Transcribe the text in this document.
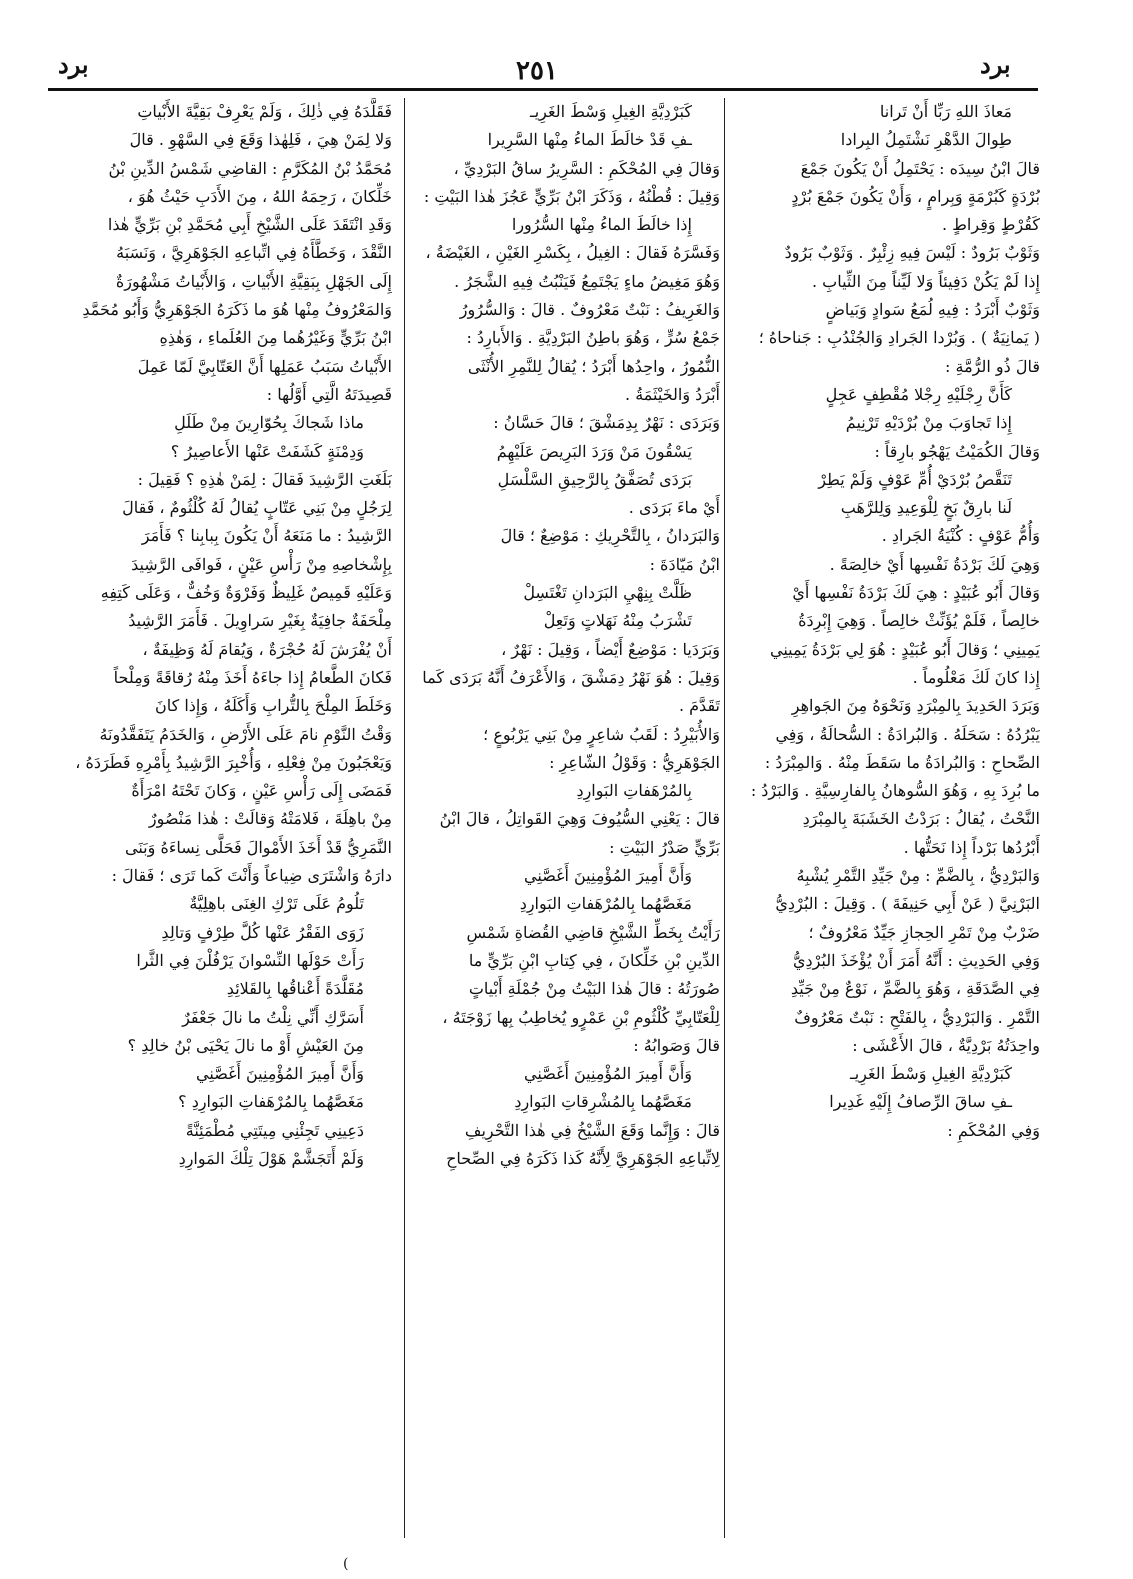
برد
٢٥١
برد

مَعاذَ اللهِ رَبِّا أَنْ تَرانا

طِوالَ الدَّهْرِ نَشْتَمِلُ البِرادا

قالَ ابْنُ سِيدَه : يَحْتَمِلُ أَنْ يَكُونَ جَمْعَ

بُرْدَةٍ كَبُرْمَةٍ وَبِرامٍ ، وَأَنْ يَكُونَ جَمْعَ بُرْدٍ

كَقُرْطٍ وَقِراطٍ .

وَثَوْبٌ بَرُودٌ : لَيْسَ فِيهِ زِئْبِرٌ . وَثَوْبٌ بَرُودٌ

إِذا لَمْ يَكُنْ دَفِيئاً وَلا لَيِّناً مِنَ الثِّيابِ .

وَثَوْبٌ أَبْرَدُ : فِيهِ لُمَعُ سَوادٍ وَبَياضٍ

( يَمانِيَةٌ ) . وَبُرْدا الجَرادِ وَالجُنْدُبِ : جَناحاهُ ؛

قالَ ذُو الرُّمَّةِ :

كَأَنَّ رِجْلَيْهِ رِجْلا مُقْطِفٍ عَجِلٍ

إِذا تَجاوَبَ مِنْ بُرْدَيْهِ تَرْنِيمُ

وَقالَ الكُمَيْتُ يَهْجُو بارِقاً :

تَنَقَّصُ بُرْدَيْ أُمِّ عَوْفٍ وَلَمْ يَطِرْ

لَنا بارِقٌ بَخٍ لِلْوَعِيدِ وَلِلرَّهَبِ

وَأُمُّ عَوْفٍ : كُنْيَةُ الجَرادِ .

وَهِيَ لَكَ بَرْدَةُ نَفْسِها أَيْ خالِصَةً .

وَقالَ أَبُو عُبَيْدٍ : هِيَ لَكَ بَرْدَةُ نَفْسِها أَيْ

خالِصاً ، فَلَمْ يُؤَنِّثْ خالِصاً . وَهِيَ إِبْرِدَةُ

يَمِينِي ؛ وَقالَ أَبُو عُبَيْدٍ : هُوَ لِي بَرْدَةُ يَمِينِي

إِذا كانَ لَكَ مَعْلُوماً .

وَبَرَدَ الحَدِيدَ بِالمِبْرَدِ وَنَحْوَهُ مِنَ الجَواهِرِ

يَبْرُدُهُ : سَحَلَهُ . وَالبُرادَةُ : السُّحالَةُ ، وَفِي

الصِّحاحِ : وَالبُرادَةُ ما سَقَطَ مِنْهُ . وَالمِبْرَدُ :

ما بُرِدَ بِهِ ، وَهُوَ السُّوهانُ بِالفارِسِيَّةِ . وَالبَرْدُ :

النَّحْتُ ، يُقالُ : بَرَدْتُ الخَشَبَةَ بِالمِبْرَدِ

أَبْرُدُها بَرْداً إِذا نَحَتُّها .

وَالبَرْدِيُّ ، بِالضَّمِّ : مِنْ جَيِّدِ التَّمْرِ يُشْبِهُ

البَرْنِيَّ ( عَنْ أَبِي حَنِيفَةَ ) . وَقِيلَ : البُرْدِيُّ

ضَرْبٌ مِنْ تَمْرِ الحِجازِ جَيِّدٌ مَعْرُوفٌ ؛

وَفِي الحَدِيثِ : أَنَّهُ أَمَرَ أَنْ يُؤْخَذَ البُرْدِيُّ

فِي الصَّدَقَةِ ، وَهُوَ بِالضَّمِّ ، نَوْعٌ مِنْ جَيِّدِ

التَّمْرِ . وَالبَرْدِيُّ ، بِالفَتْحِ : نَبْتٌ مَعْرُوفٌ

واحِدَتُهُ بَرْدِيَّةٌ ، قالَ الأَعْشَى :

كَبَرْدِيَّةِ الغِيلِ وَسْطَ الغَرِيـ

ـفِ ساقَ الرِّصافُ إِلَيْهِ غَدِيرا

وَفِي المُحْكَمِ :

كَبَرْدِيَّةِ الغِيلِ وَسْطَ الغَرِيـ

ـفِ قَدْ خالَطَ الماءُ مِنْها السَّرِيرا

وَقالَ فِي المُحْكَمِ : السَّرِيرُ ساقُ البَرْدِيِّ ،

وَقِيلَ : قُطْنُهُ ، وَذَكَرَ ابْنُ بَرِّيٍّ عَجُزَ هٰذا البَيْتِ :

إِذا خالَطَ الماءُ مِنْها السُّرُورا

وَفَسَّرَهُ فَقالَ : الغِيلُ ، بِكَسْرِ الغَيْنِ ، الغَيْضَةُ ،

وَهُوَ مَغِيضُ ماءٍ يَجْتَمِعُ فَيَنْبُتُ فِيهِ الشَّجَرُ .

وَالغَرِيفُ : نَبْتٌ مَعْرُوفٌ . قالَ : وَالسُّرُورُ

جَمْعُ سُرٍّ ، وَهُوَ باطِنُ البَرْدِيَّةِ . وَالأَبارِدُ :

النُّمُورُ ، واحِدُها أَبْرَدُ ؛ يُقالُ لِلنَّمِرِ الأُنْثَى

أَبْرَدُ وَالخَيْثَمَةُ .

وَبَرَدَى : نَهْرٌ بِدِمَشْقَ ؛ قالَ حَسَّانُ :

يَسْقُونَ مَنْ وَرَدَ البَرِيصَ عَلَيْهِمُ

بَرَدَى تُصَفَّقُ بِالرَّحِيقِ السَّلْسَلِ

أَيْ ماءَ بَرَدَى .

وَالبَرَدانُ ، بِالتَّحْرِيكِ : مَوْضِعٌ ؛ قالَ

ابْنُ مَيّادَةَ :

ظَلَّتْ بِنِهْيِ البَرَدانِ تَغْتَسِلْ

تَشْرَبُ مِنْهُ نَهَلاتٍ وَتَعِلْ

وَبَرَدَيا : مَوْضِعٌ أَيْضاً ، وَقِيلَ : نَهْرٌ ،

وَقِيلَ : هُوَ نَهْرُ دِمَشْقَ ، وَالأَعْرَفُ أَنَّهُ بَرَدَى كَما

تَقَدَّمَ .

وَالأُبَيْرِدُ : لَقَبُ شاعِرٍ مِنْ بَنِي يَرْبُوعٍ ؛

الجَوْهَرِيُّ : وَقَوْلُ الشّاعِرِ :

بِالمُرْهَفاتِ البَوارِدِ

قالَ : يَعْنِي السُّيُوفَ وَهِيَ القَواتِلُ ، قالَ ابْنُ

بَرِّيٍّ صَدْرُ البَيْتِ :

وَأَنَّ أَمِيرَ المُؤْمِنِينَ أَغَصَّنِي

مَغَصَّهُما بِالمُرْهَفاتِ البَوارِدِ

رَأَيْتُ بِخَطِّ الشَّيْخِ قاضِي القُضاةِ شَمْسِ

الدِّينِ بْنِ خَلِّكانَ ، فِي كِتابِ ابْنِ بَرِّيٍّ ما

صُورَتُهُ : قالَ هٰذا البَيْتُ مِنْ جُمْلَةِ أَبْياتٍ

لِلْعَتّابِيِّ كُلْثُومِ بْنِ عَمْرٍو يُخاطِبُ بِها زَوْجَتَهُ ،

قالَ وَصَوابُهُ :

وَأَنَّ أَمِيرَ المُؤْمِنِينَ أَغَصَّنِي

مَغَصَّهُما بِالمُشْرِقاتِ البَوارِدِ

قالَ : وَإِنَّما وَقَعَ الشَّيْخُ فِي هٰذا التَّحْرِيفِ

لِاتِّباعِهِ الجَوْهَرِيَّ لِأَنَّهُ كَذا ذَكَرَهُ فِي الصِّحاحِ

فَقَلَّدَهُ فِي ذٰلِكَ ، وَلَمْ يَعْرِفْ بَقِيَّةَ الأَبْياتِ

وَلا لِمَنْ هِيَ ، فَلِهٰذا وَقَعَ فِي السَّهْوِ . قالَ

مُحَمَّدُ بْنُ المُكَرَّمِ : القاضِي شَمْسُ الدِّينِ بْنُ

خَلِّكانَ ، رَحِمَهُ اللهُ ، مِنَ الأَدَبِ حَيْثُ هُوَ ،

وَقَدِ انْتَقَدَ عَلَى الشَّيْخِ أَبِي مُحَمَّدِ بْنِ بَرِّيٍّ هٰذا

النَّقْدَ ، وَخَطَّأَهُ فِي اتِّباعِهِ الجَوْهَرِيَّ ، وَنَسَبَهُ

إِلَى الجَهْلِ بِبَقِيَّةِ الأَبْياتِ ، وَالأَبْياتُ مَشْهُورَةٌ

وَالمَعْرُوفُ مِنْها هُوَ ما ذَكَرَهُ الجَوْهَرِيُّ وَأَبُو مُحَمَّدِ

ابْنُ بَرِّيٍّ وَغَيْرُهُما مِنَ العُلَماءِ ، وَهٰذِهِ

الأَبْياتُ سَبَبُ عَمَلِها أَنَّ العَتّابِيَّ لَمّا عَمِلَ

قَصِيدَتَهُ الَّتِي أَوَّلُها :

ماذا شَجاكَ بِحُوّارِينَ مِنْ طَلَلِ

وَدِمْنَةٍ كَشَفَتْ عَنْها الأَعاصِيرُ ؟

بَلَغَتِ الرَّشِيدَ فَقالَ : لِمَنْ هٰذِهِ ؟ فَقِيلَ :

لِرَجُلٍ مِنْ بَنِي عَتّابٍ يُقالُ لَهُ كُلْثُومٌ ، فَقالَ

الرَّشِيدُ : ما مَنَعَهُ أَنْ يَكُونَ بِبابِنا ؟ فَأَمَرَ

بِإِشْخاصِهِ مِنْ رَأْسِ عَيْنٍ ، فَوافَى الرَّشِيدَ

وَعَلَيْهِ قَمِيصٌ غَلِيظٌ وَفَرْوَةٌ وَخُفٌّ ، وَعَلَى كَتِفِهِ

مِلْحَفَةٌ جافِيَةٌ بِغَيْرِ سَراوِيلَ . فَأَمَرَ الرَّشِيدُ

أَنْ يُفْرَشَ لَهُ حُجْرَةٌ ، وَيُقامَ لَهُ وَظِيفَةٌ ،

فَكانَ الطَّعامُ إِذا جاءَهُ أَخَذَ مِنْهُ رُقاقَةً وَمِلْحاً

وَخَلَطَ المِلْحَ بِالتُّرابِ وَأَكَلَهُ ، وَإِذا كانَ

وَقْتُ النَّوْمِ نامَ عَلَى الأَرْضِ ، وَالخَدَمُ يَتَفَقَّدُونَهُ

وَيَعْجَبُونَ مِنْ فِعْلِهِ ، وَأُخْبِرَ الرَّشِيدُ بِأَمْرِهِ فَطَرَدَهُ ،

فَمَضَى إِلَى رَأْسِ عَيْنٍ ، وَكانَ تَحْتَهُ امْرَأَةٌ

مِنْ باهِلَةَ ، فَلامَتْهُ وَقالَتْ : هٰذا مَنْصُورٌ

النَّمَرِيُّ قَدْ أَخَذَ الأَمْوالَ فَحَلَّى نِساءَهُ وَبَنَى

دارَهُ وَاشْتَرَى ضِياعاً وَأَنْتَ كَما تَرَى ؛ فَقالَ :

تَلُومُ عَلَى تَرْكِ الغِنَى باهِلِيَّةٌ

زَوَى الفَقْرُ عَنْها كُلَّ طِرْفٍ وَتالِدِ

رَأَتْ حَوْلَها النِّسْوانَ يَرْفُلْنَ فِي الثَّرا

مُقَلَّدَةً أَعْناقُها بِالقَلائِدِ

أَسَرَّكِ أَنِّي نِلْتُ ما نالَ جَعْفَرٌ

مِنَ العَيْشِ أَوْ ما نالَ يَحْيَى بْنُ خالِدِ ؟

وَأَنَّ أَمِيرَ المُؤْمِنِينَ أَغَصَّنِي

مَغَصَّهُما بِالمُرْهَفاتِ البَوارِدِ ؟

دَعِينِي تَجِئْنِي مِيتَتِي مُطْمَئِنَّةً

وَلَمْ أَتَجَشَّمْ هَوْلَ تِلْكَ المَوارِدِ

(
